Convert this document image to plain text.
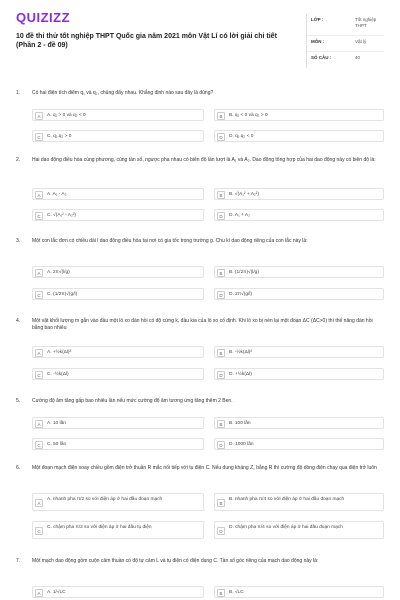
QUIZIZZ
10 đề thi thử tốt nghiệp THPT Quốc gia năm 2021 môn Vật Lí có lời giải chi tiết (Phần 2 - đề 09)
LỚP :	Tốt nghiệp THPT
MÔN :	Vật lý
SỐ CÂU :	40
1. Có hai điện tích điểm q₁ và q₂, chúng đẩy nhau. Khẳng định nào sau đây là đúng?
A	A. q₁ > 0 và q₂ < 0	B	B. q₁ < 0 và q₂ > 0
C	C. q₁.q₂ > 0	D	D. q₁.q₂ < 0
2. Hai dao động điều hòa cùng phương, cùng tần số, ngược pha nhau có biên độ lần lượt là A₁ và A₂. Dao động tổng hợp của hai dao động này có biên độ là:
A	A. A₁ - A₂	B	B. √(A₁² + A₂²)
C	C. √(A₁² - A₂²)	D	D. A₁ + A₂
3. Một con lắc đơn có chiều dài l dao động điều hòa tại nơi có gia tốc trọng trường g. Chu kì dao động riêng của con lắc này là:
A	A. 2π√(l/g)	B	B. (1/2π)√(l/g)
C	C. (1/2π)√(g/l)	D	D. 2π√(g/l)
4. Một vật khối lượng m gắn vào đầu một lò xo đàn hồi có độ cứng k, đầu kia của lò xo cố định. Khi lò xo bị nén lại một đoạn ΔC (ΔC>0) thì thế năng đàn hồi bằng bao nhiêu
A	A. +½k(Δl)²	B	B. -½k(Δl)²
C	C. -½k(Δl)	D	D. +½k(Δl)
5. Cường độ âm tăng gấp bao nhiêu lần nếu mức cường độ âm tương ứng tăng thêm 2 Ben.
A	A. 10 lần	B	B. 100 lần
C	C. 50 lần	D	D. 1000 lần
6. Một đoạn mạch điện xoay chiều gồm điện trở thuần R mắc nối tiếp với tụ điện C. Nếu dung kháng Z꜀ bằng R thì cường độ dòng điện chạy qua điện trở luôn
A
A. nhanh pha π/2 so với điện áp ở hai đầu đoạn mạch
B
B. nhanh pha π/4 so với điện áp ở hai đầu đoạn mạch
C
C. chậm pha π/2 so với điện áp ở hai đầu tụ điện
D
D. chậm pha π/4 so với điện áp ở hai đầu đoạn mạch
7. Một mạch dao động gồm cuộn cảm thuần có độ tự cảm L và tụ điện có điện dung C. Tần số góc riêng của mạch dao động này là:
A	A. 1/√LC	B	B. √LC
